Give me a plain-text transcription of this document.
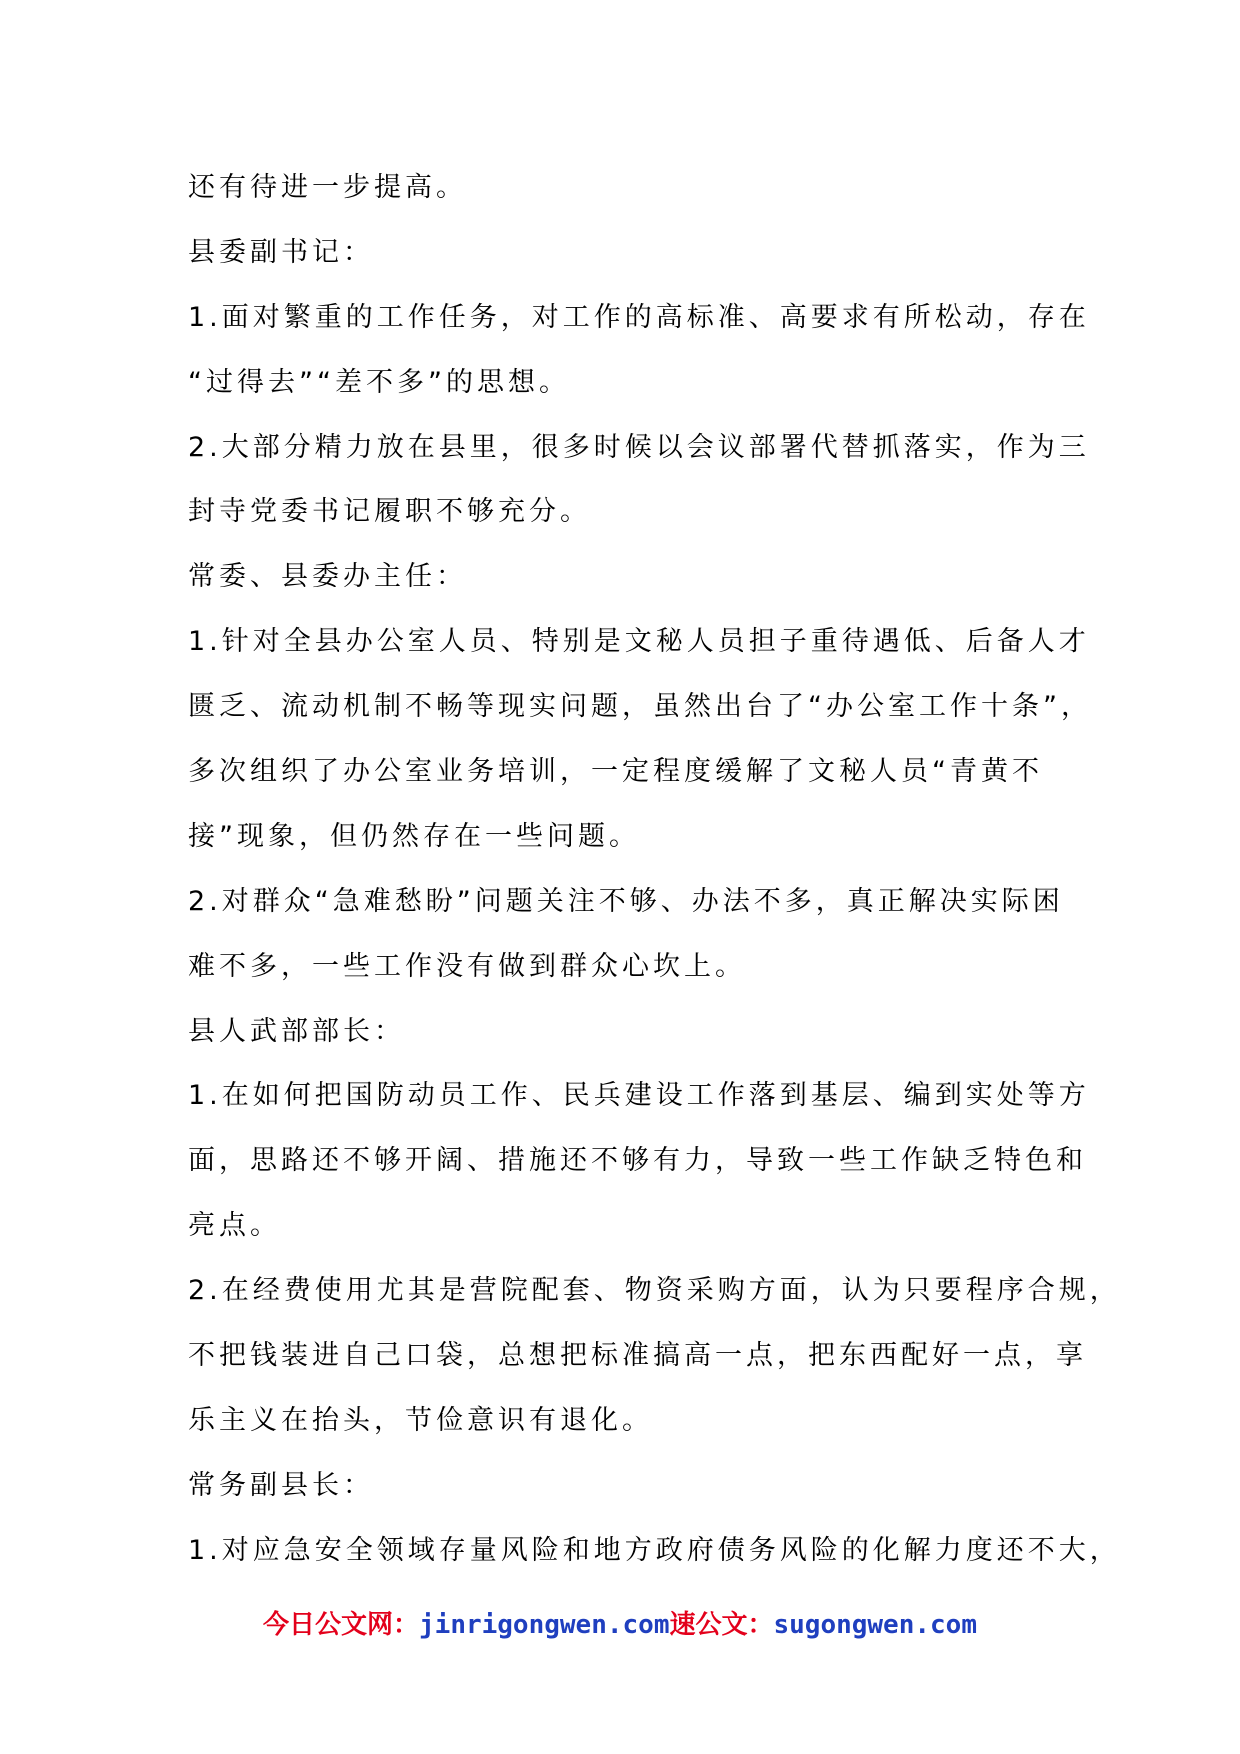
还有待进一步提高。
县委副书记：
1.面对繁重的工作任务，对工作的高标准、高要求有所松动，存在
“过得去”“差不多”的思想。
2.大部分精力放在县里，很多时候以会议部署代替抓落实，作为三
封寺党委书记履职不够充分。
常委、县委办主任：
1.针对全县办公室人员、特别是文秘人员担子重待遇低、后备人才
匮乏、流动机制不畅等现实问题，虽然出台了“办公室工作十条”，
多次组织了办公室业务培训，一定程度缓解了文秘人员“青黄不
接”现象，但仍然存在一些问题。
2.对群众“急难愁盼”问题关注不够、办法不多，真正解决实际困
难不多，一些工作没有做到群众心坎上。
县人武部部长：
1.在如何把国防动员工作、民兵建设工作落到基层、编到实处等方
面，思路还不够开阔、措施还不够有力，导致一些工作缺乏特色和
亮点。
2.在经费使用尤其是营院配套、物资采购方面，认为只要程序合规，
不把钱装进自己口袋，总想把标准搞高一点，把东西配好一点，享
乐主义在抬头，节俭意识有退化。
常务副县长：
1.对应急安全领域存量风险和地方政府债务风险的化解力度还不大，
今日公文网：jinrigongwen.com速公文：sugongwen.com
